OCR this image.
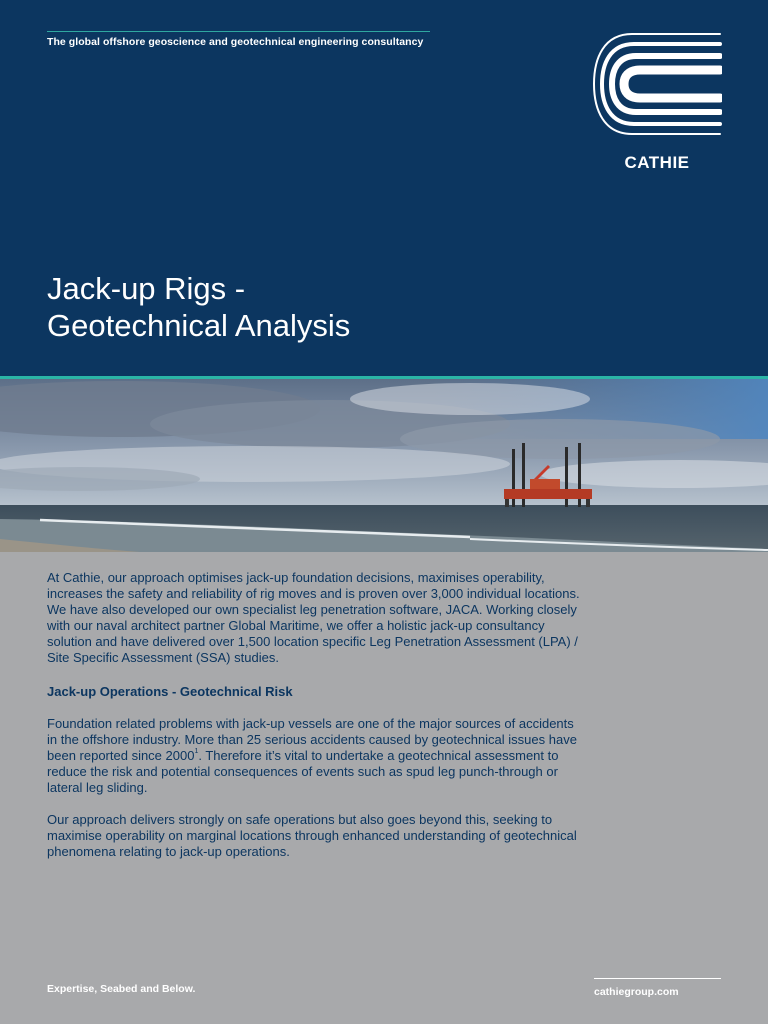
The global offshore geoscience and geotechnical engineering consultancy
CATHIE
Jack-up Rigs -
Geotechnical Analysis

At Cathie, our approach optimises jack-up foundation decisions, maximises operability, increases the safety and reliability of rig moves and is proven over 3,000 individual locations. We have also developed our own specialist leg penetration software, JACA. Working closely with our naval architect partner Global Maritime, we offer a holistic jack-up consultancy solution and have delivered over 1,500 location specific Leg Penetration Assessment (LPA) / Site Specific Assessment (SSA) studies.

Jack-up Operations - Geotechnical Risk

Foundation related problems with jack-up vessels are one of the major sources of accidents in the offshore industry. More than 25 serious accidents caused by geotechnical issues have been reported since 2000$^1$. Therefore it’s vital to undertake a geotechnical assessment to reduce the risk and potential consequences of events such as spud leg punch-through or lateral leg sliding.

Our approach delivers strongly on safe operations but also goes beyond this, seeking to maximise operability on marginal locations through enhanced understanding of geotechnical phenomena relating to jack-up operations.

Expertise, Seabed and Below.	cathiegroup.com
